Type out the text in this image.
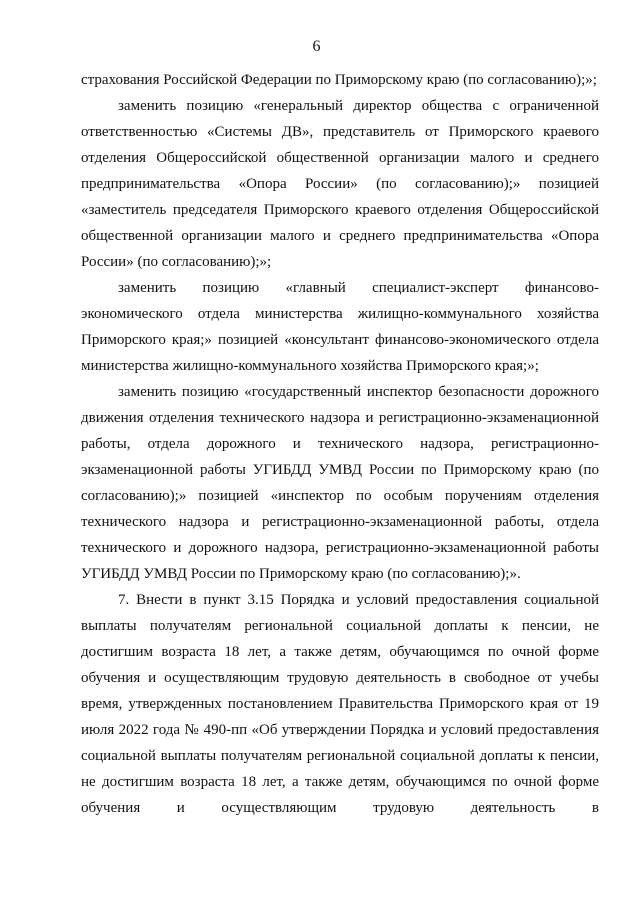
6

страхования Российской Федерации по Приморскому краю (по согласованию);»;

заменить позицию «генеральный директор общества с ограниченной ответственностью «Системы ДВ», представитель от Приморского краевого отделения Общероссийской общественной организации малого и среднего предпринимательства «Опора России» (по согласованию);» позицией «заместитель председателя Приморского краевого отделения Общероссийской общественной организации малого и среднего предпринимательства «Опора России» (по согласованию);»;

заменить позицию «главный специалист-эксперт финансово-экономического отдела министерства жилищно-коммунального хозяйства Приморского края;» позицией «консультант финансово-экономического отдела министерства жилищно-коммунального хозяйства Приморского края;»;

заменить позицию «государственный инспектор безопасности дорожного движения отделения технического надзора и регистрационно-экзаменационной работы, отдела дорожного и технического надзора, регистрационно-экзаменационной работы УГИБДД УМВД России по Приморскому краю (по согласованию);» позицией «инспектор по особым поручениям отделения технического надзора и регистрационно-экзаменационной работы, отдела технического и дорожного надзора, регистрационно-экзаменационной работы УГИБДД УМВД России по Приморскому краю (по согласованию);».

7. Внести в пункт 3.15 Порядка и условий предоставления социальной выплаты получателям региональной социальной доплаты к пенсии, не достигшим возраста 18 лет, а также детям, обучающимся по очной форме обучения и осуществляющим трудовую деятельность в свободное от учебы время, утвержденных постановлением Правительства Приморского края от 19 июля 2022 года № 490-пп «Об утверждении Порядка и условий предоставления социальной выплаты получателям региональной социальной доплаты к пенсии, не достигшим возраста 18 лет, а также детям, обучающимся по очной форме обучения и осуществляющим трудовую деятельность в
